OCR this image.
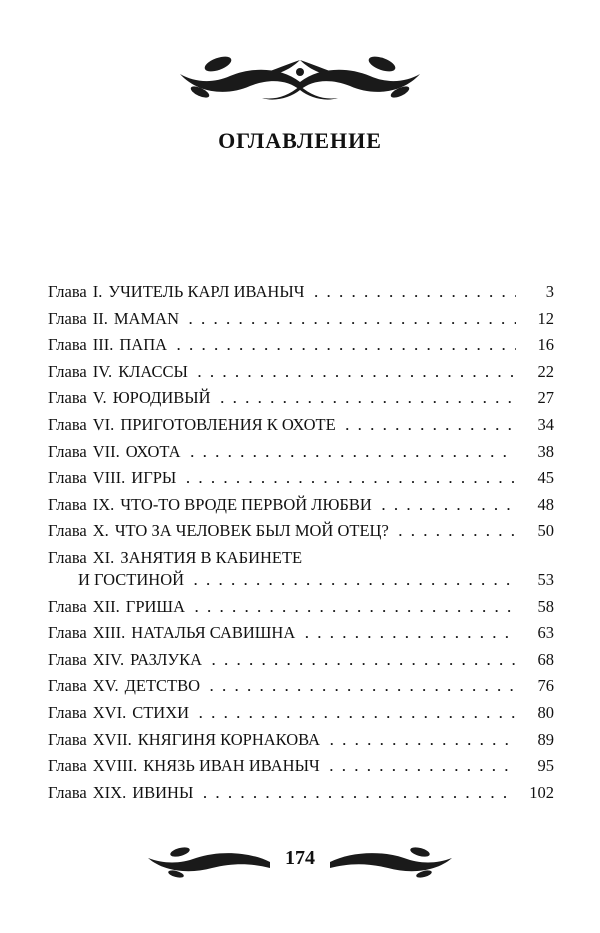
ОГЛАВЛЕНИЕ
Глава I. УЧИТЕЛЬ КАРЛ ИВАНЫЧ . . .	3
Глава II. MAMAN . . .	12
Глава III. ПАПА . . .	16
Глава IV. КЛАССЫ . . .	22
Глава V. ЮРОДИВЫЙ . . .	27
Глава VI. ПРИГОТОВЛЕНИЯ К ОХОТЕ . . .	34
Глава VII. ОХОТА . . .	38
Глава VIII. ИГРЫ . . .	45
Глава IX. ЧТО-ТО ВРОДЕ ПЕРВОЙ ЛЮБВИ . . .	48
Глава X. ЧТО ЗА ЧЕЛОВЕК БЫЛ МОЙ ОТЕЦ? . . .	50
Глава XI. ЗАНЯТИЯ В КАБИНЕТЕ
И ГОСТИНОЙ . . .	53
Глава XII. ГРИША . . .	58
Глава XIII. НАТАЛЬЯ САВИШНА . . .	63
Глава XIV. РАЗЛУКА . . .	68
Глава XV. ДЕТСТВО . . .	76
Глава XVI. СТИХИ . . .	80
Глава XVII. КНЯГИНЯ КОРНАКОВА . . .	89
Глава XVIII. КНЯЗЬ ИВАН ИВАНЫЧ . . .	95
Глава XIX. ИВИНЫ . . .	102
174
